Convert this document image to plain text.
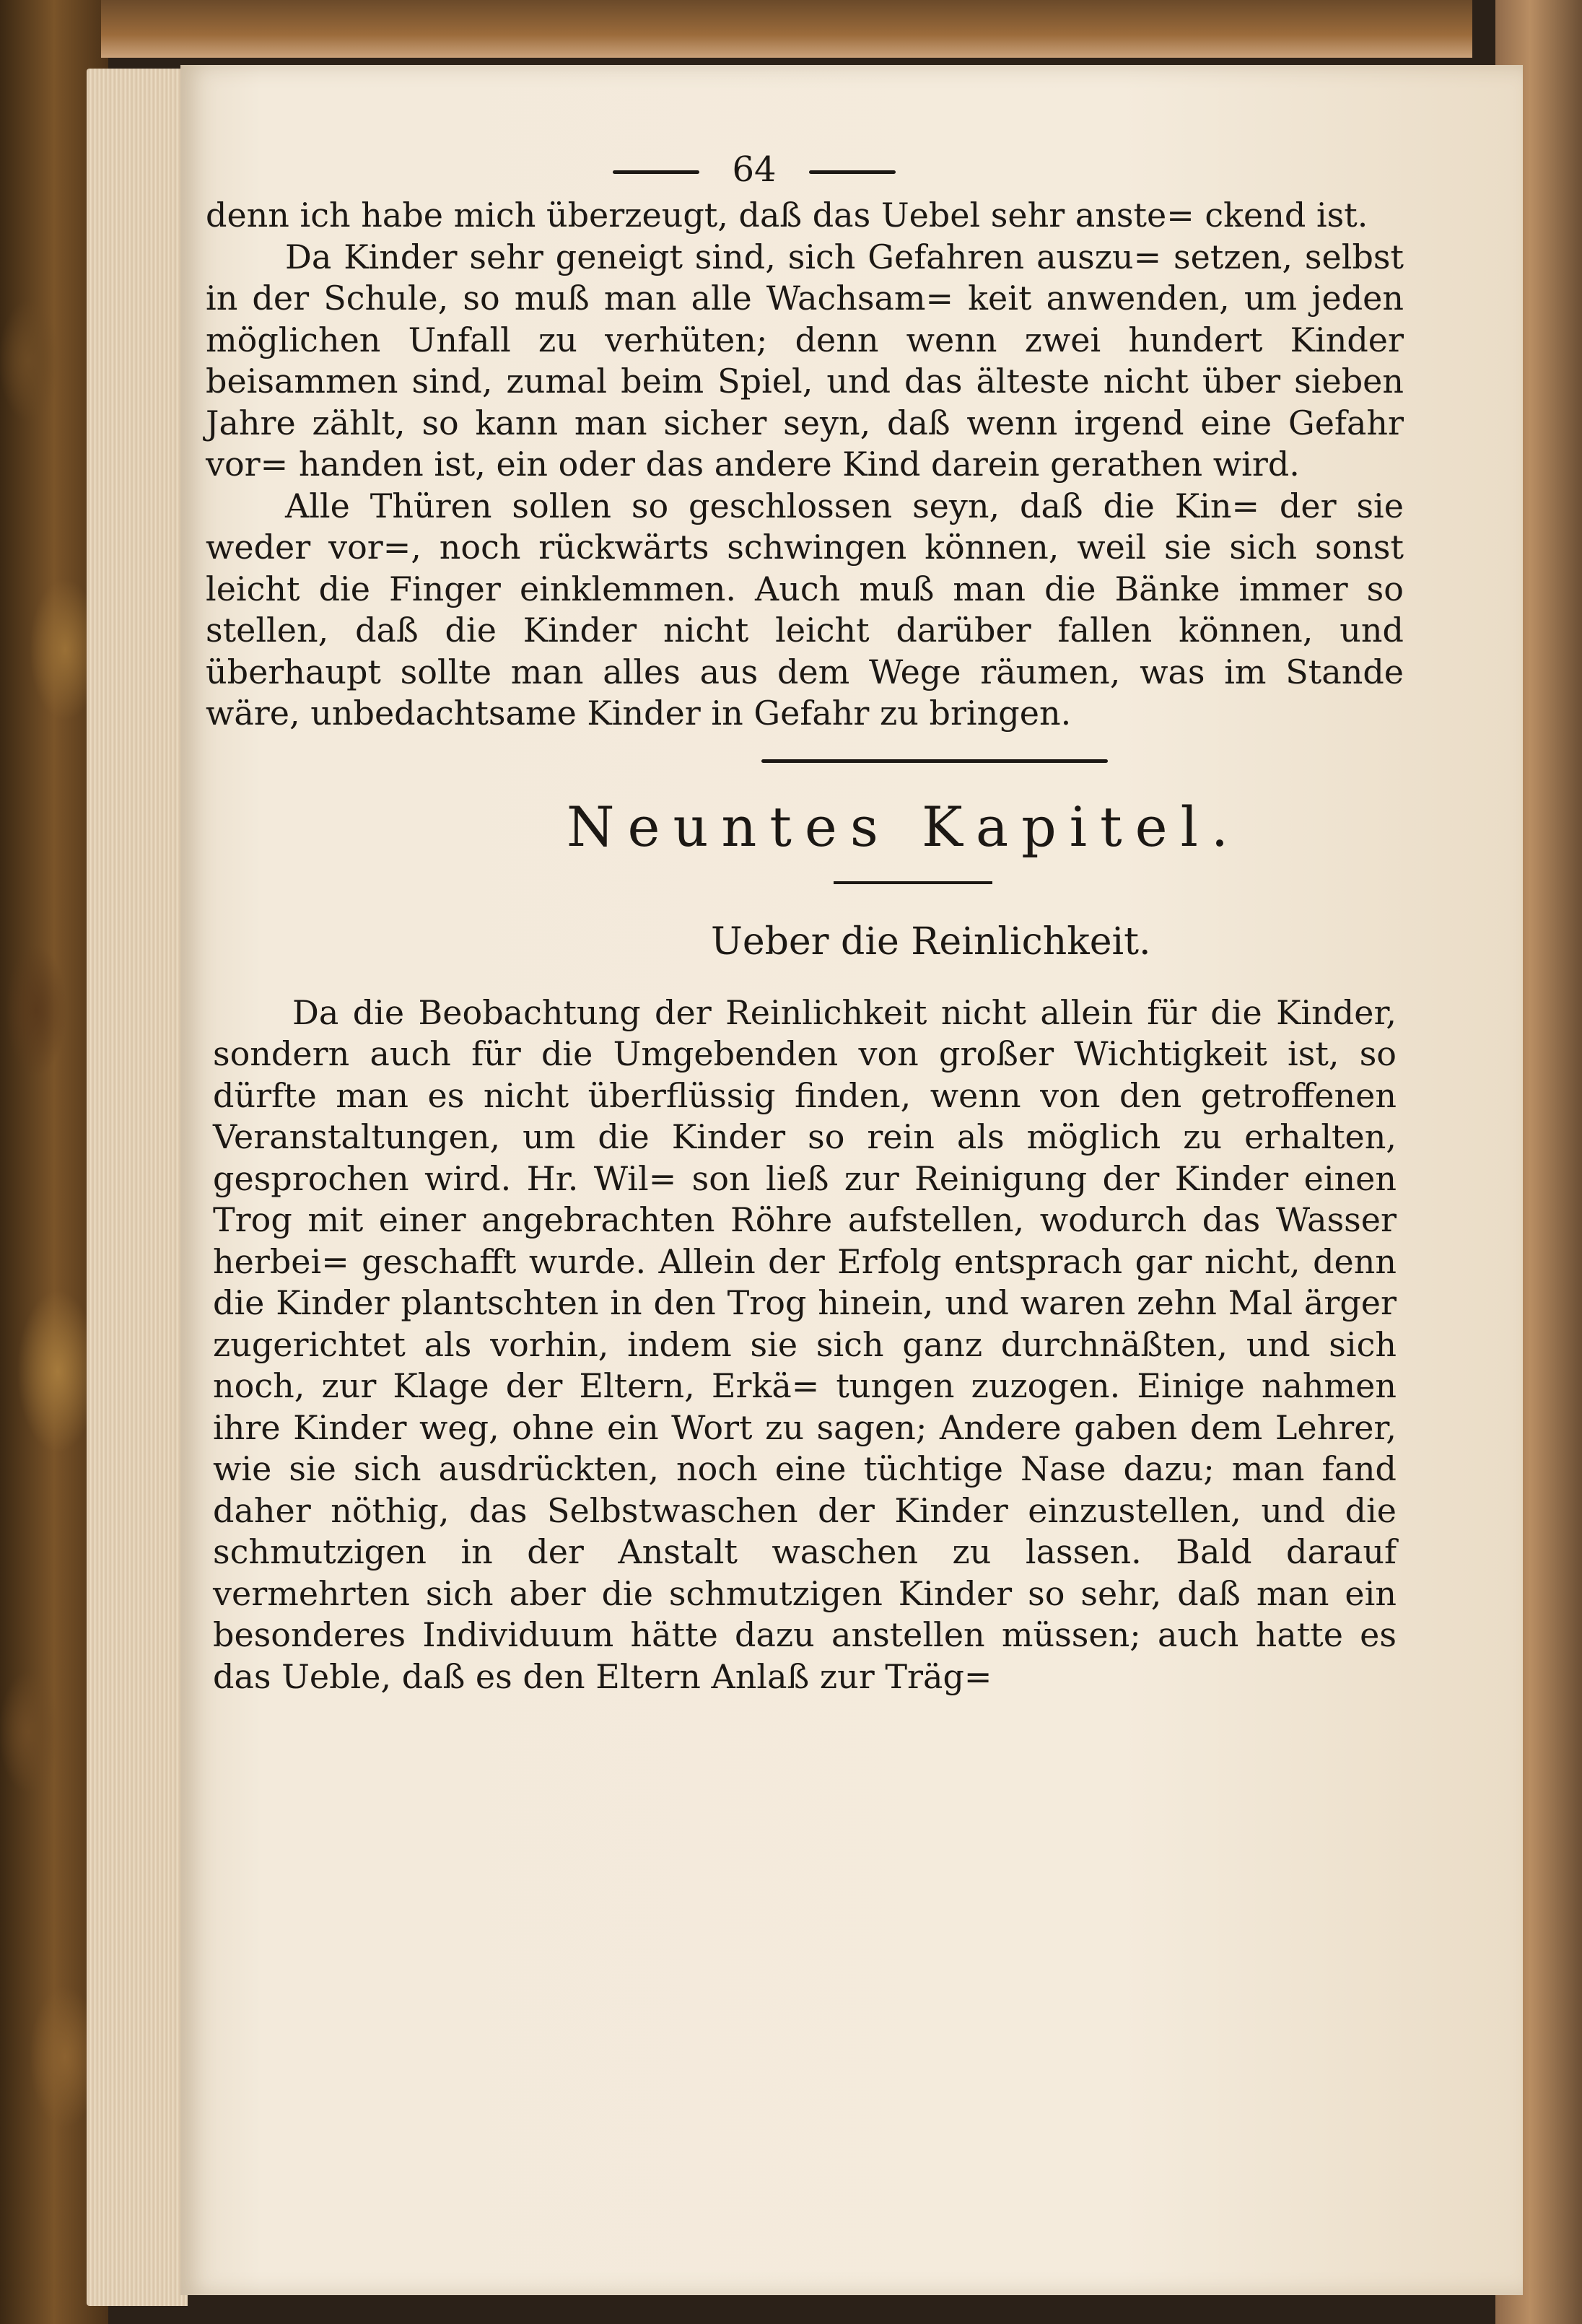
64

denn ich habe mich überzeugt, daß das Uebel sehr anste= ckend ist.

Da Kinder sehr geneigt sind, sich Gefahren auszu= setzen, selbst in der Schule, so muß man alle Wachsam= keit anwenden, um jeden möglichen Unfall zu verhüten; denn wenn zwei hundert Kinder beisammen sind, zumal beim Spiel, und das älteste nicht über sieben Jahre zählt, so kann man sicher seyn, daß wenn irgend eine Gefahr vor= handen ist, ein oder das andere Kind darein gerathen wird.

Alle Thüren sollen so geschlossen seyn, daß die Kin= der sie weder vor=, noch rückwärts schwingen können, weil sie sich sonst leicht die Finger einklemmen. Auch muß man die Bänke immer so stellen, daß die Kinder nicht leicht darüber fallen können, und überhaupt sollte man alles aus dem Wege räumen, was im Stande wäre, unbedachtsame Kinder in Gefahr zu bringen.

Neuntes Kapitel.
Ueber die Reinlichkeit.

Da die Beobachtung der Reinlichkeit nicht allein für die Kinder, sondern auch für die Umgebenden von großer Wichtigkeit ist, so dürfte man es nicht überflüssig finden, wenn von den getroffenen Veranstaltungen, um die Kinder so rein als möglich zu erhalten, gesprochen wird. Hr. Wil= son ließ zur Reinigung der Kinder einen Trog mit einer angebrachten Röhre aufstellen, wodurch das Wasser herbei= geschafft wurde. Allein der Erfolg entsprach gar nicht, denn die Kinder plantschten in den Trog hinein, und waren zehn Mal ärger zugerichtet als vorhin, indem sie sich ganz durchnäßten, und sich noch, zur Klage der Eltern, Erkä= tungen zuzogen. Einige nahmen ihre Kinder weg, ohne ein Wort zu sagen; Andere gaben dem Lehrer, wie sie sich ausdrückten, noch eine tüchtige Nase dazu; man fand daher nöthig, das Selbstwaschen der Kinder einzustellen, und die schmutzigen in der Anstalt waschen zu lassen. Bald darauf vermehrten sich aber die schmutzigen Kinder so sehr, daß man ein besonderes Individuum hätte dazu anstellen müssen; auch hatte es das Ueble, daß es den Eltern Anlaß zur Träg=
